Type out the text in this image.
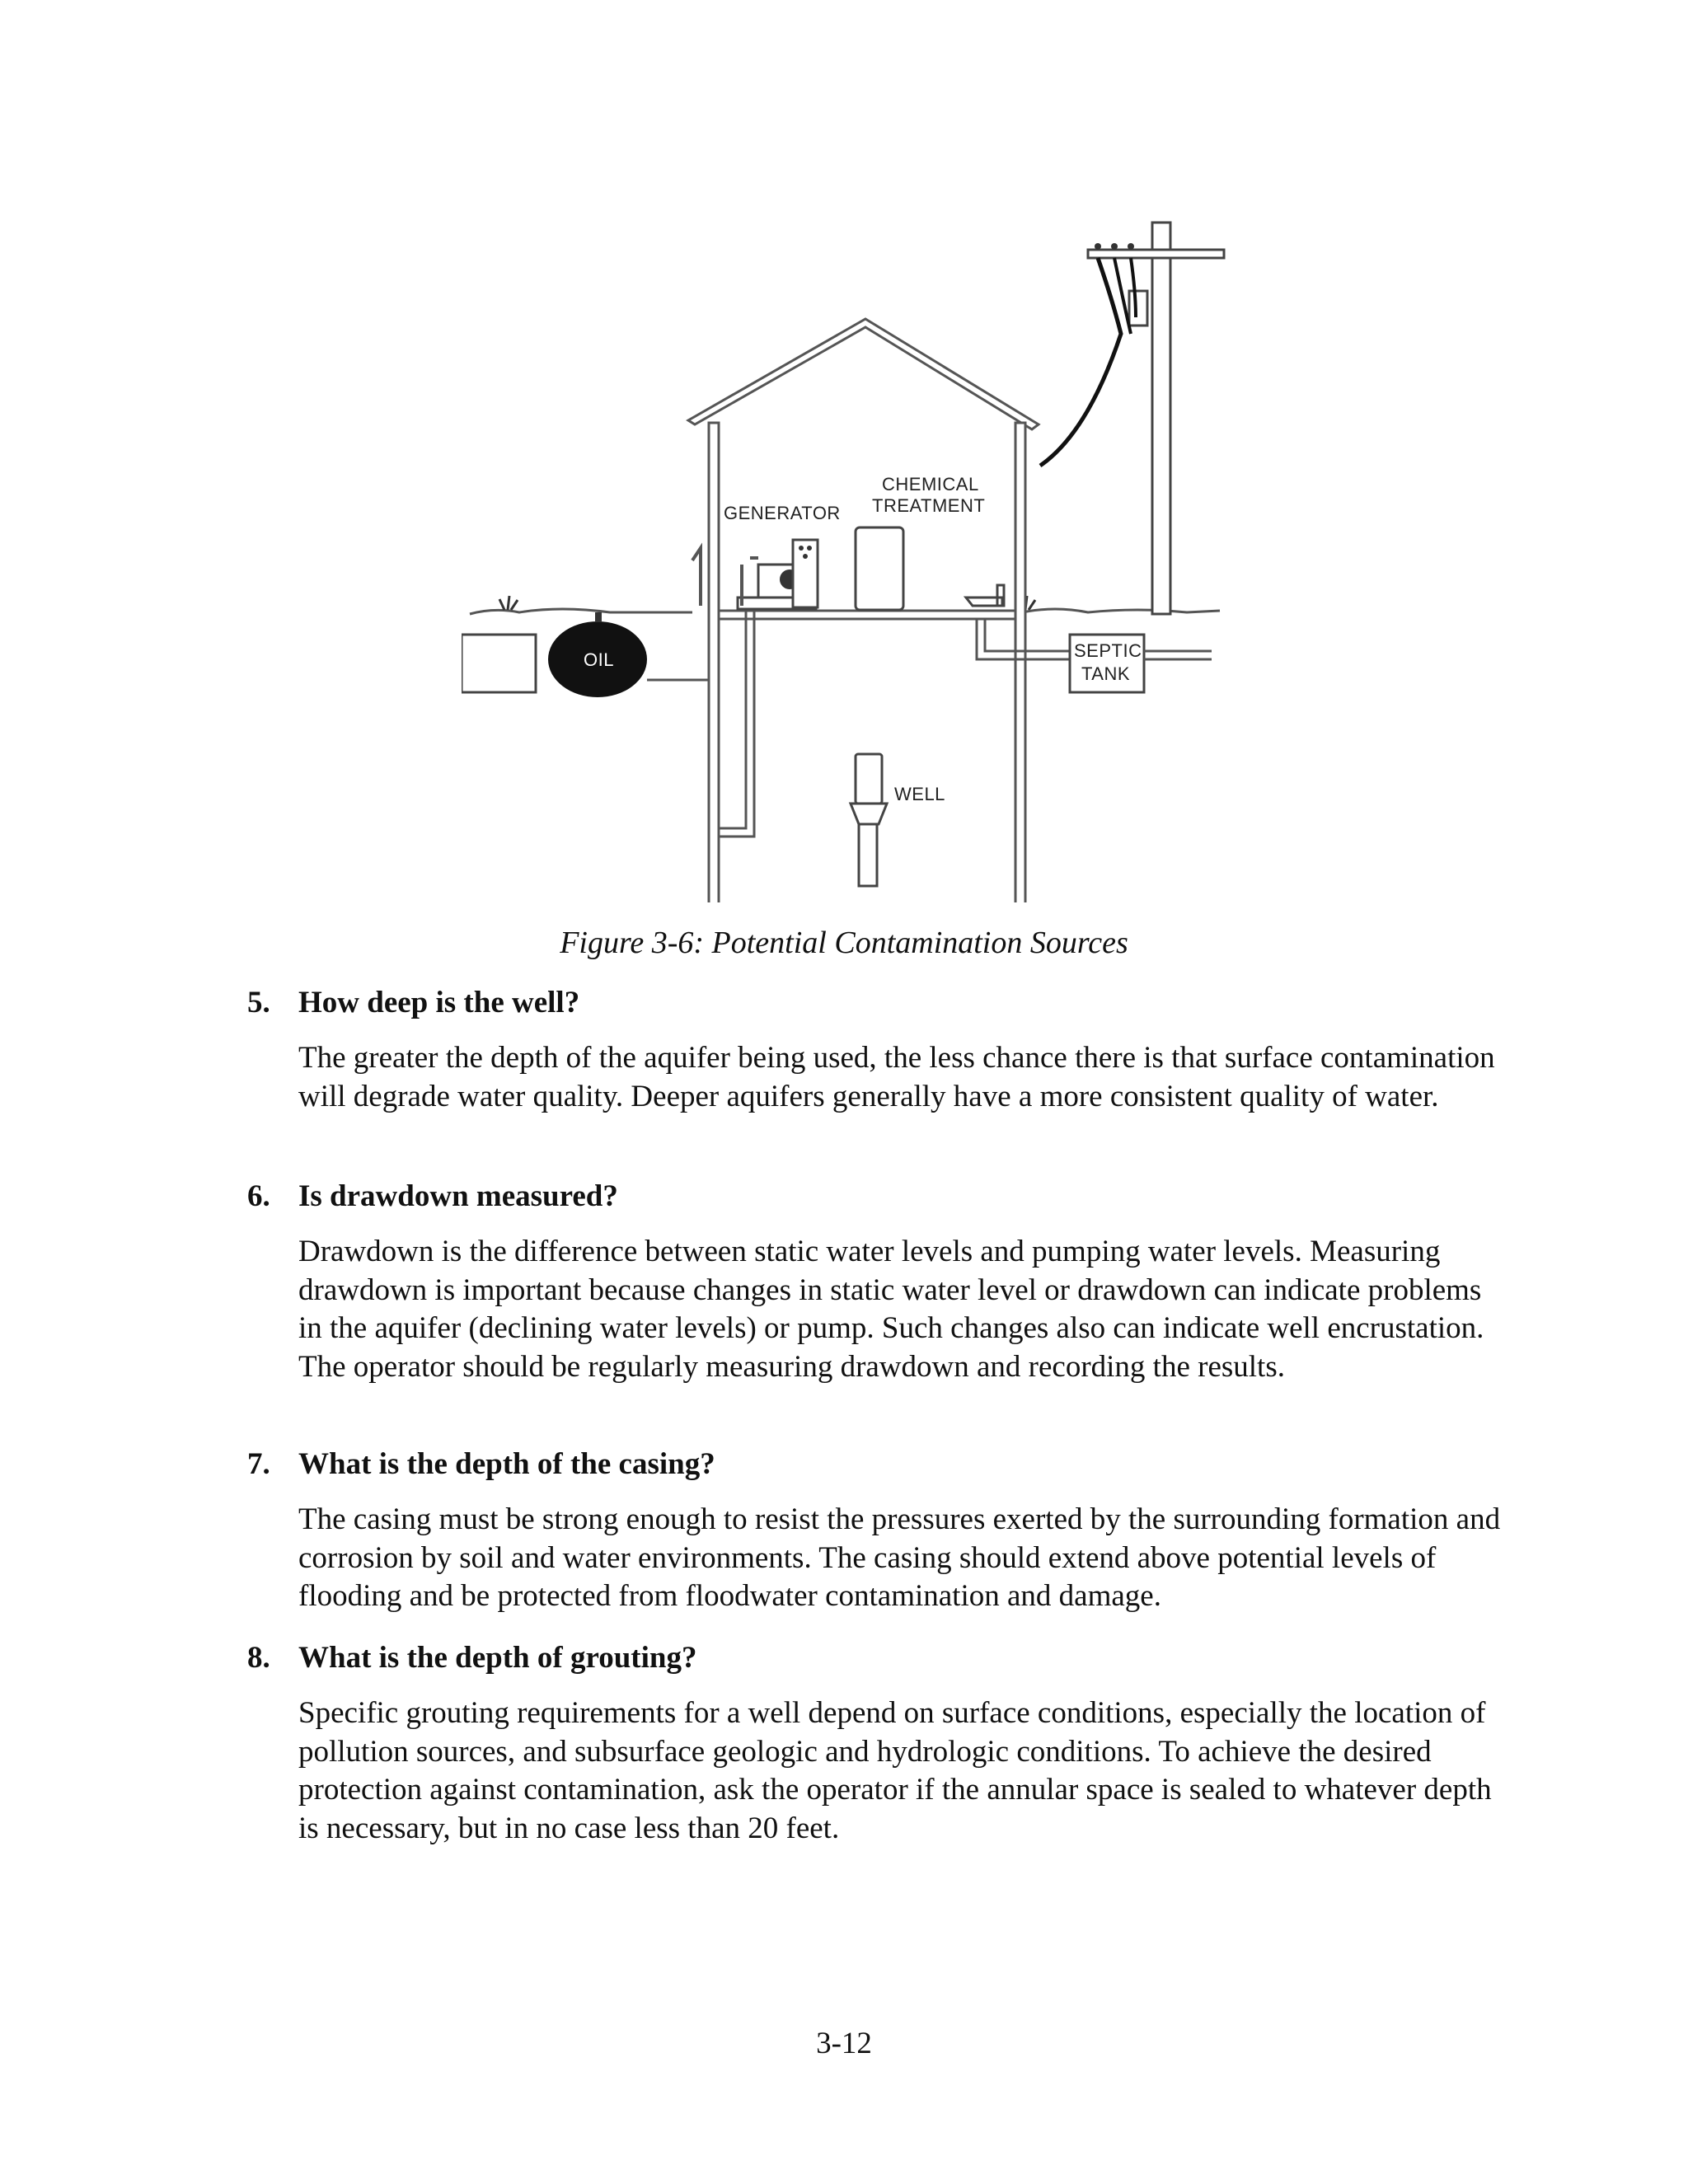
OIL
GENERATOR
CHEMICAL
TREATMENT
SEPTIC
TANK
WELL
Figure 3-6: Potential Contamination Sources
5. How deep is the well?
The greater the depth of the aquifer being used, the less chance there is that surface contamination will degrade water quality. Deeper aquifers generally have a more consistent quality of water.
6. Is drawdown measured?
Drawdown is the difference between static water levels and pumping water levels. Measuring drawdown is important because changes in static water level or drawdown can indicate problems in the aquifer (declining water levels) or pump. Such changes also can indicate well encrustation. The operator should be regularly measuring drawdown and recording the results.
7. What is the depth of the casing?
The casing must be strong enough to resist the pressures exerted by the surrounding formation and corrosion by soil and water environments. The casing should extend above potential levels of flooding and be protected from floodwater contamination and damage.
8. What is the depth of grouting?
Specific grouting requirements for a well depend on surface conditions, especially the location of pollution sources, and subsurface geologic and hydrologic conditions. To achieve the desired protection against contamination, ask the operator if the annular space is sealed to whatever depth is necessary, but in no case less than 20 feet.
3-12
